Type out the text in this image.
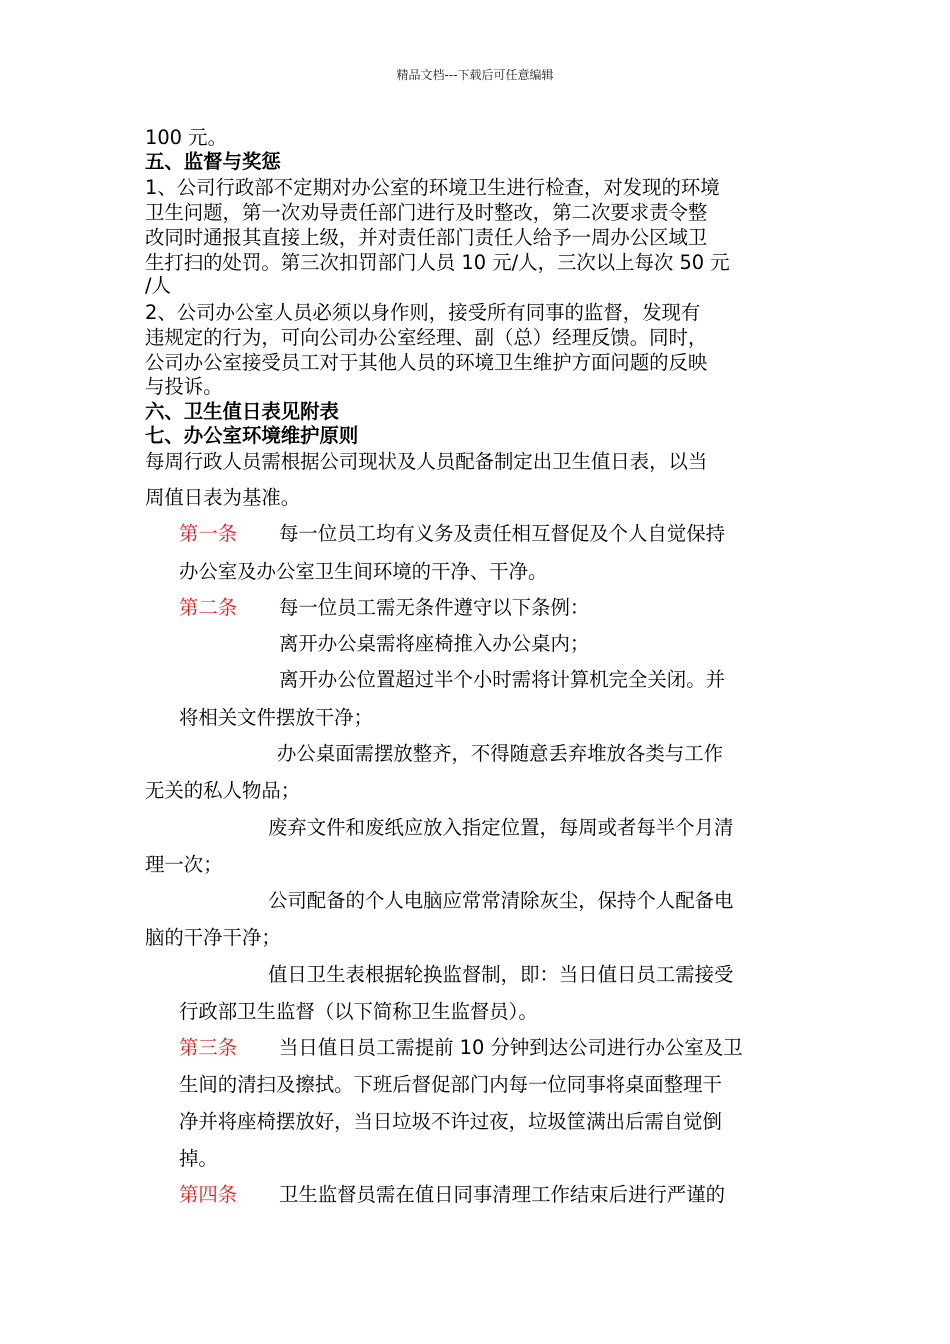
精品文档---下载后可任意编辑
100 元。
五、监督与奖惩
1、公司行政部不定期对办公室的环境卫生进行检查，对发现的环境
卫生问题，第一次劝导责任部门进行及时整改，第二次要求责令整
改同时通报其直接上级，并对责任部门责任人给予一周办公区域卫
生打扫的处罚。第三次扣罚部门人员 10 元/人，三次以上每次 50 元
/人
2、公司办公室人员必须以身作则，接受所有同事的监督，发现有
违规定的行为，可向公司办公室经理、副（总）经理反馈。同时，
公司办公室接受员工对于其他人员的环境卫生维护方面问题的反映
与投诉。
六、卫生值日表见附表
七、办公室环境维护原则
每周行政人员需根据公司现状及人员配备制定出卫生值日表，以当
周值日表为基准。
第一条 每一位员工均有义务及责任相互督促及个人自觉保持
办公室及办公室卫生间环境的干净、干净。
第二条 每一位员工需无条件遵守以下条例：
离开办公桌需将座椅推入办公桌内；
离开办公位置超过半个小时需将计算机完全关闭。并
将相关文件摆放干净；
办公桌面需摆放整齐，不得随意丢弃堆放各类与工作
无关的私人物品；
废弃文件和废纸应放入指定位置，每周或者每半个月清
理一次；
公司配备的个人电脑应常常清除灰尘，保持个人配备电
脑的干净干净；
值日卫生表根据轮换监督制，即：当日值日员工需接受
行政部卫生监督（以下简称卫生监督员）。
第三条 当日值日员工需提前 10 分钟到达公司进行办公室及卫
生间的清扫及擦拭。下班后督促部门内每一位同事将桌面整理干
净并将座椅摆放好，当日垃圾不许过夜，垃圾筐满出后需自觉倒
掉。
第四条 卫生监督员需在值日同事清理工作结束后进行严谨的
